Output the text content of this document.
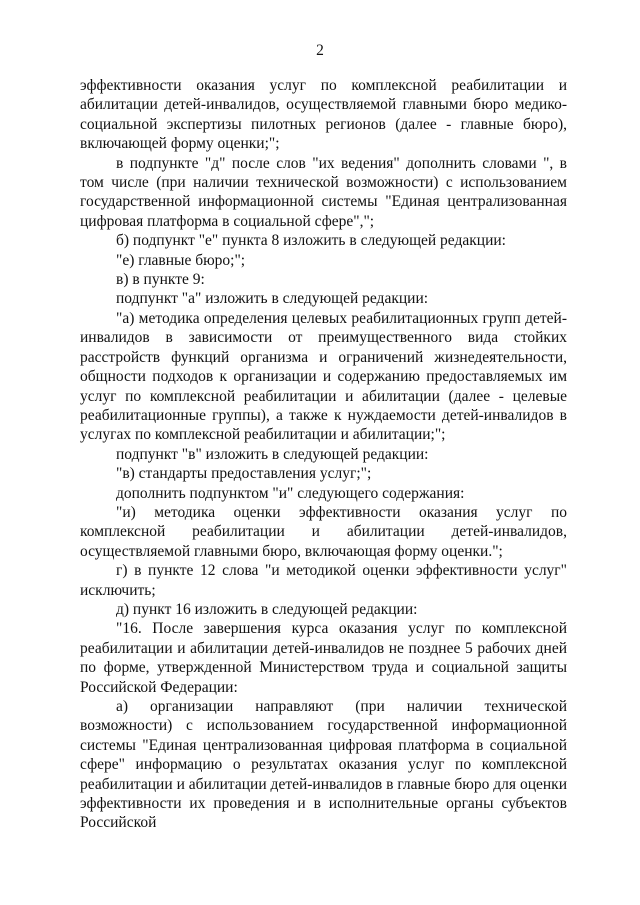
2

эффективности оказания услуг по комплексной реабилитации и абилитации детей-инвалидов, осуществляемой главными бюро медико-социальной экспертизы пилотных регионов (далее - главные бюро), включающей форму оценки;";

в подпункте "д" после слов "их ведения" дополнить словами ", в том числе (при наличии технической возможности) с использованием государственной информационной системы "Единая централизованная цифровая платформа в социальной сфере",";

б) подпункт "е" пункта 8 изложить в следующей редакции:

"е) главные бюро;";

в) в пункте 9:

подпункт "а" изложить в следующей редакции:

"а) методика определения целевых реабилитационных групп детей-инвалидов в зависимости от преимущественного вида стойких расстройств функций организма и ограничений жизнедеятельности, общности подходов к организации и содержанию предоставляемых им услуг по комплексной реабилитации и абилитации (далее - целевые реабилитационные группы), а также к нуждаемости детей-инвалидов в услугах по комплексной реабилитации и абилитации;";

подпункт "в" изложить в следующей редакции:

"в) стандарты предоставления услуг;";

дополнить подпунктом "и" следующего содержания:

"и) методика оценки эффективности оказания услуг по комплексной реабилитации и абилитации детей-инвалидов, осуществляемой главными бюро, включающая форму оценки.";

г) в пункте 12 слова "и методикой оценки эффективности услуг" исключить;

д) пункт 16 изложить в следующей редакции:

"16. После завершения курса оказания услуг по комплексной реабилитации и абилитации детей-инвалидов не позднее 5 рабочих дней по форме, утвержденной Министерством труда и социальной защиты Российской Федерации:

а) организации направляют (при наличии технической возможности) с использованием государственной информационной системы "Единая централизованная цифровая платформа в социальной сфере" информацию о результатах оказания услуг по комплексной реабилитации и абилитации детей-инвалидов в главные бюро для оценки эффективности их проведения и в исполнительные органы субъектов Российской
